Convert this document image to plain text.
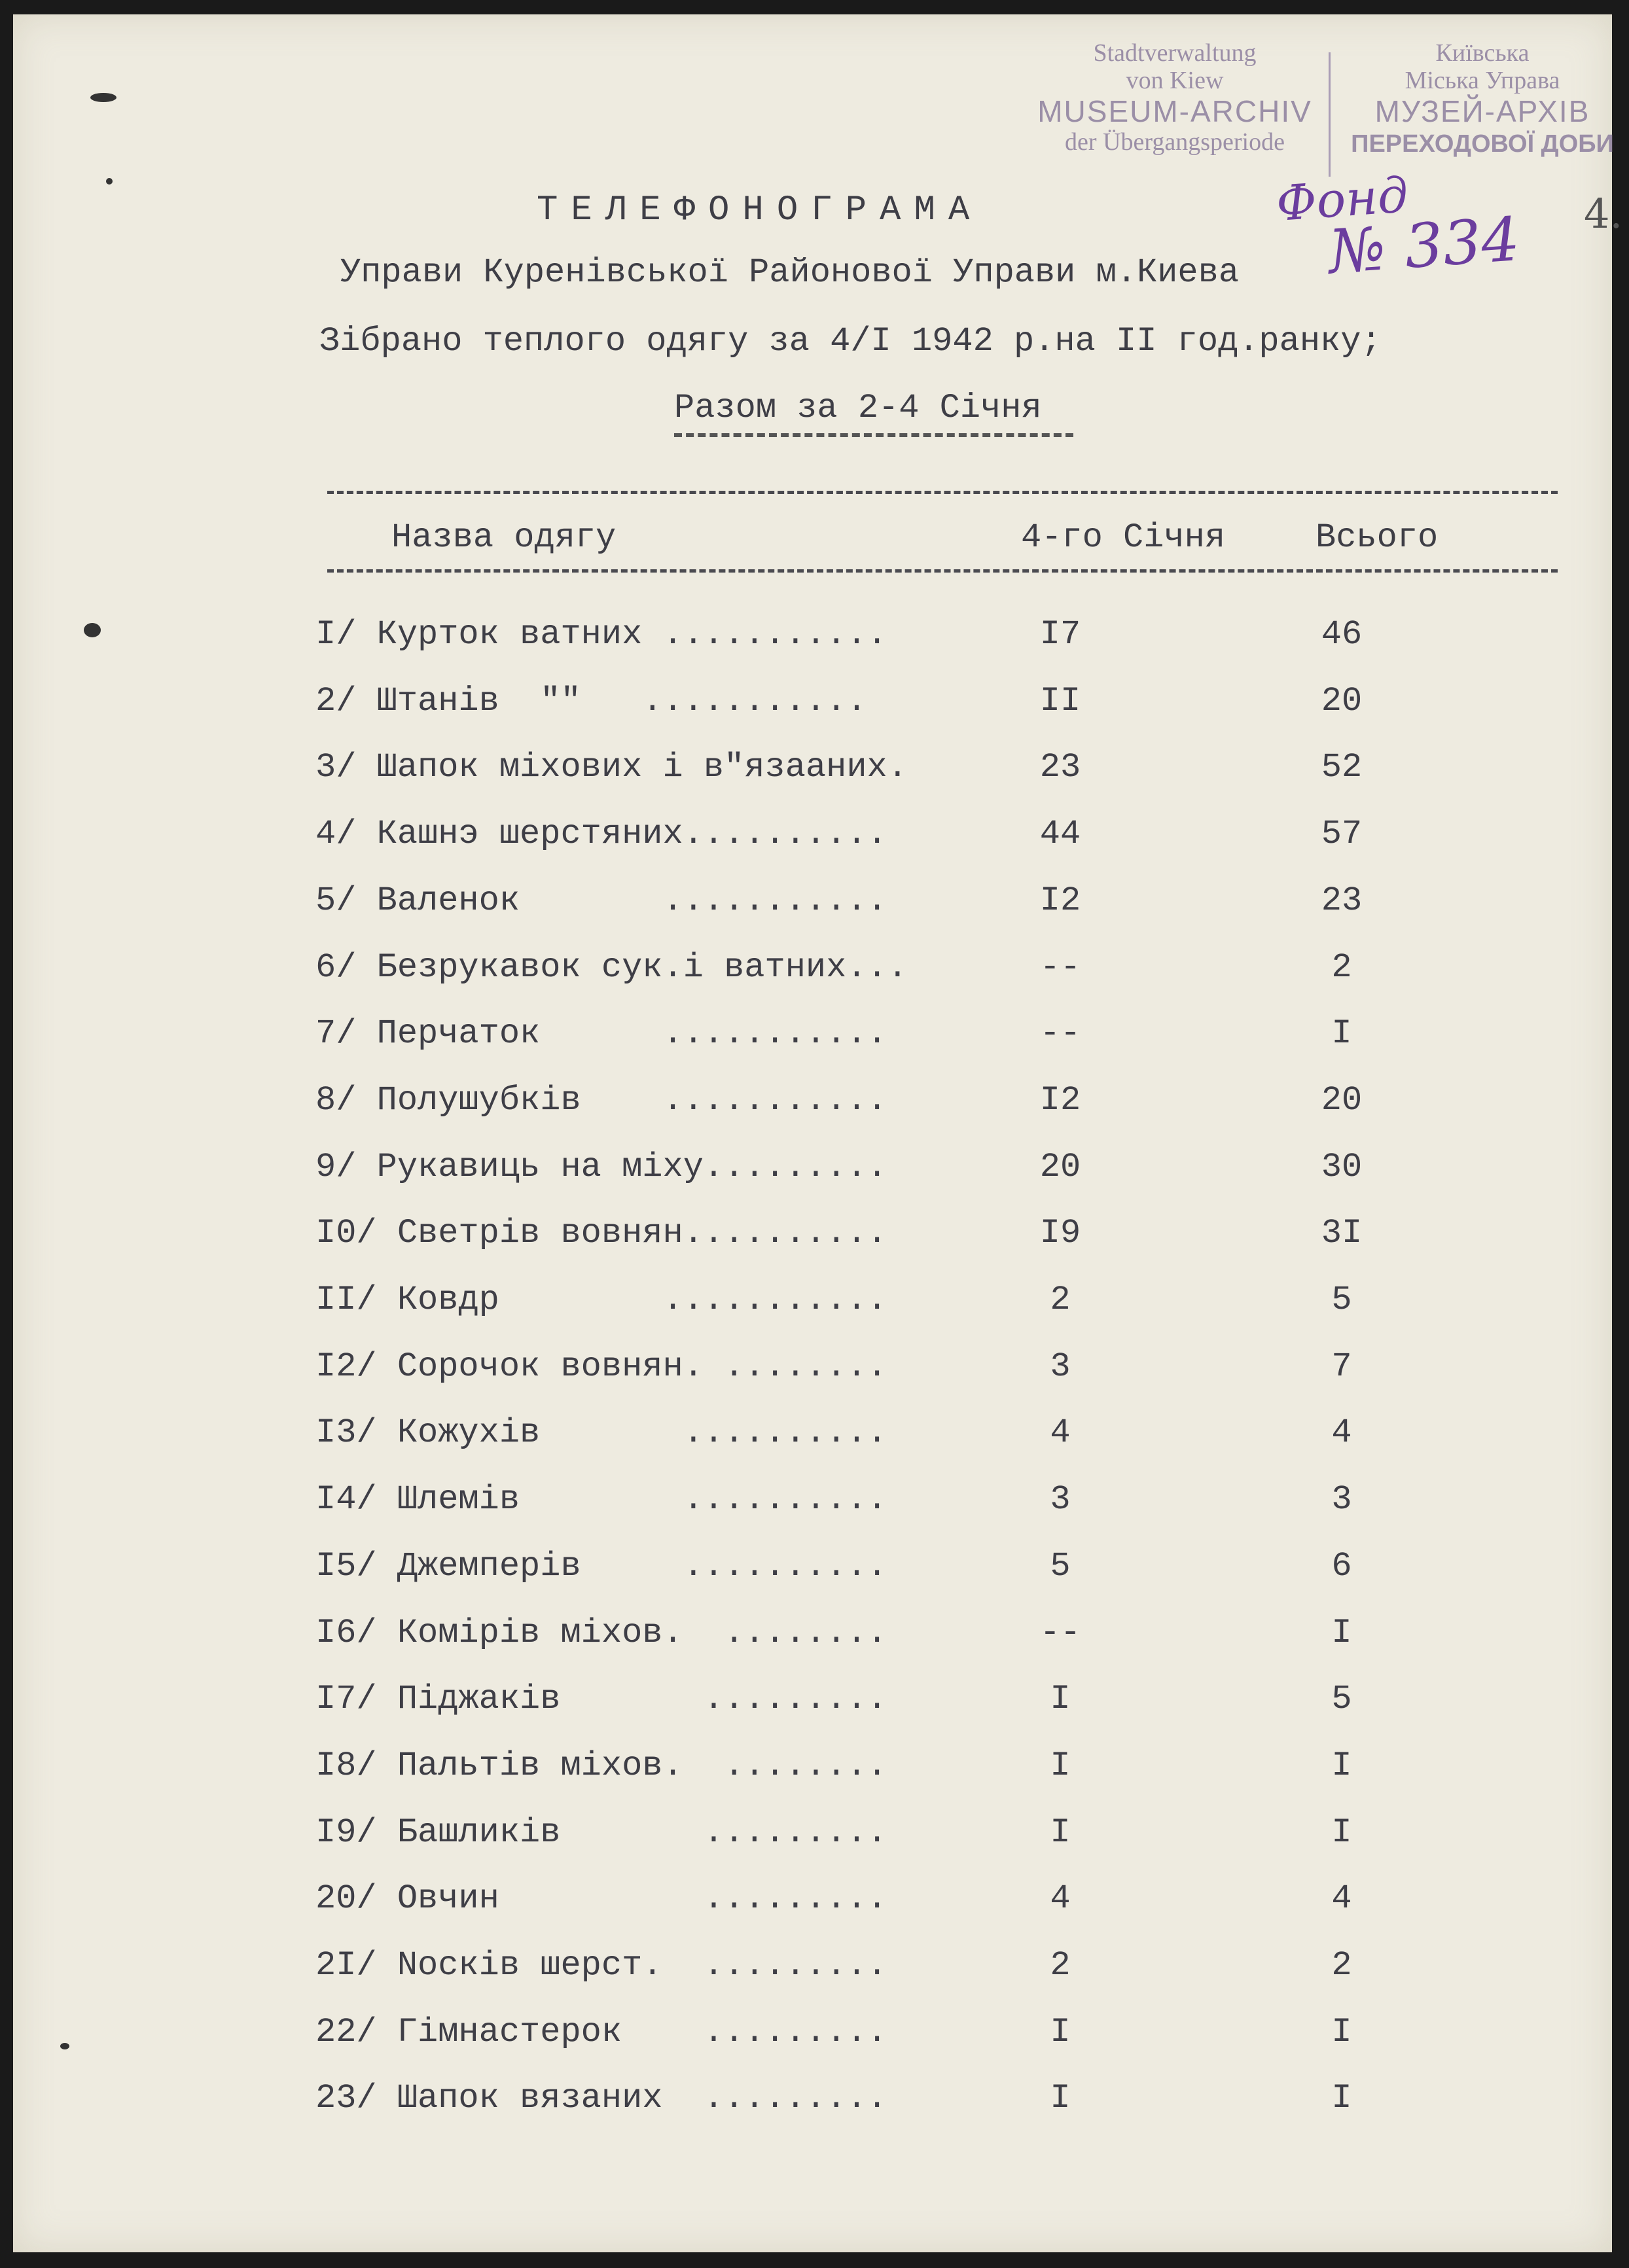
Stadtverwaltung
von Kiew
MUSEUM-ARCHIV
der Übergangsperiode
Київська
Міська Управа
МУЗЕЙ-АРХІВ
ПЕРЕХОДОВОЇ ДОБИ
Фонд
№ 334 4.
ТЕЛЕФОНОГРАМА
Управи Куренівської Районової Управи м.Киева
Зібрано теплого одягу за 4/І 1942 р.на II год.ранку;
Разом за 2-4 Січня
Назва одягу	4-го Січня	Всього
I/ Курток ватних ...........	I7	46
2/ Штанів  ""   ...........	II	20
3/ Шапок мiхових i в"язааних.	23	52
4/ Кашнэ шерстяних..........	44	57
5/ Валенок       ...........	I2	23
6/ Безрукавок сук.i ватних...	--	2
7/ Перчаток      ...........	--	I
8/ Полушубкiв    ...........	I2	20
9/ Рукавиць на мiху.........	20	30
I0/ Светрiв вовнян..........	I9	3I
II/ Ковдр        ...........	2	5
I2/ Сорочок вовнян. ........	3	7
I3/ Кожухiв       ..........	4	4
I4/ Шлемiв        ..........	3	3
I5/ Джемперiв     ..........	5	6
I6/ Комiрiв мiхов.  ........	--	I
I7/ Пiджакiв       .........	I	5
I8/ Пальтiв мiхов.  ........	I	I
I9/ Башликiв       .........	I	I
20/ Овчин          .........	4	4
2I/ Noскiв шерст.  .........	2	2
22/ Гiмнастерок    .........	I	I
23/ Шапок вязаних  .........	I	I
